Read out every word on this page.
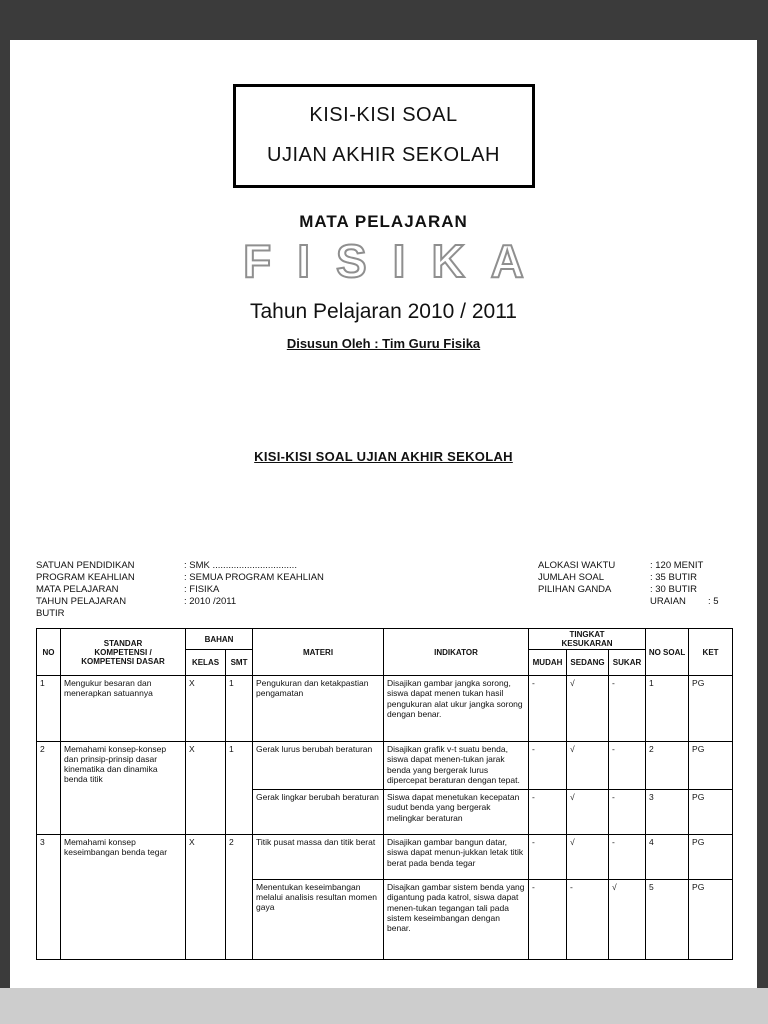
KISI-KISI SOAL
UJIAN AKHIR SEKOLAH
MATA PELAJARAN
FISIKA
Tahun Pelajaran 2010 / 2011
Disusun Oleh : Tim Guru Fisika
KISI-KISI SOAL UJIAN AKHIR SEKOLAH
SATUAN PENDIDIKAN	: SMK ................................
PROGRAM KEAHLIAN	: SEMUA PROGRAM KEAHLIAN
MATA PELAJARAN	: FISIKA
TAHUN PELAJARAN	: 2010 /2011
ALOKASI WAKTU	: 120 MENIT
JUMLAH SOAL	: 35 BUTIR
PILIHAN GANDA	: 30 BUTIR
URAIAN	: 5
BUTIR
NO	STANDAR KOMPETENSI / KOMPETENSI DASAR	BAHAN		MATERI	INDIKATOR	TINGKAT KESUKARAN			NO SOAL	KET
		KELAS	SMT			MUDAH	SEDANG	SUKAR		
1	Mengukur besaran dan menerapkan satuannya	X	1	Pengukuran dan ketakpastian pengamatan	Disajikan gambar jangka sorong, siswa dapat menen tukan hasil pengukuran alat ukur jangka sorong dengan benar.	-	√	-	1	PG
2	Memahami konsep-konsep dan prinsip-prinsip dasar kinematika dan dinamika benda titik	X	1	Gerak lurus berubah beraturan	Disajikan grafik v-t suatu benda, siswa dapat menen-tukan jarak benda yang bergerak lurus dipercepat beraturan dengan tepat.	-	√	-	2	PG
				Gerak lingkar berubah beraturan	Siswa dapat menetukan kecepatan sudut benda yang bergerak melingkar beraturan	-	√	-	3	PG
3	Memahami konsep keseimbangan benda tegar	X	2	Titik pusat massa dan titik berat	Disajikan gambar bangun datar, siswa dapat menun-jukkan letak titik berat pada benda tegar	-	√	-	4	PG
				Menentukan keseimbangan melalui analisis resultan momen gaya	Disajkan gambar sistem benda yang digantung pada katrol, siswa dapat menen-tukan tegangan tali pada sistem keseimbangan dengan benar.	-	-	√	5	PG
